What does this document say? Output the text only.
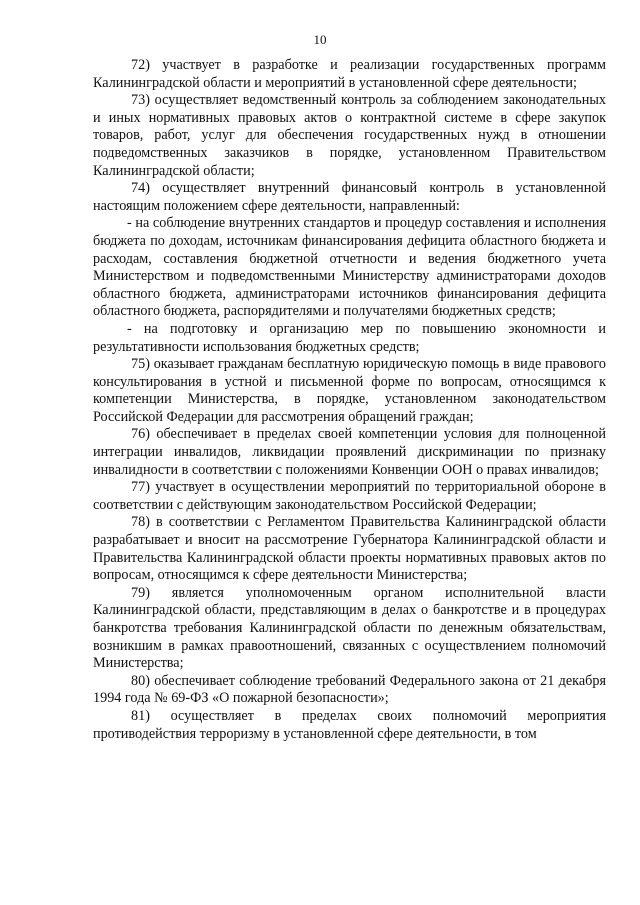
10

72) участвует в разработке и реализации государственных программ Калининградской области и мероприятий в установленной сфере деятельности;

73) осуществляет ведомственный контроль за соблюдением законодательных и иных нормативных правовых актов о контрактной системе в сфере закупок товаров, работ, услуг для обеспечения государственных нужд в отношении подведомственных заказчиков в порядке, установленном Правительством Калининградской области;

74) осуществляет внутренний финансовый контроль в установленной настоящим положением сфере деятельности, направленный:

- на соблюдение внутренних стандартов и процедур составления и исполнения бюджета по доходам, источникам финансирования дефицита областного бюджета и расходам, составления бюджетной отчетности и ведения бюджетного учета Министерством и подведомственными Министерству администраторами доходов областного бюджета, администраторами источников финансирования дефицита областного бюджета, распорядителями и получателями бюджетных средств;

- на подготовку и организацию мер по повышению экономности и результативности использования бюджетных средств;

75) оказывает гражданам бесплатную юридическую помощь в виде правового консультирования в устной и письменной форме по вопросам, относящимся к компетенции Министерства, в порядке, установленном законодательством Российской Федерации для рассмотрения обращений граждан;

76) обеспечивает в пределах своей компетенции условия для полноценной интеграции инвалидов, ликвидации проявлений дискриминации по признаку инвалидности в соответствии с положениями Конвенции ООН о правах инвалидов;

77) участвует в осуществлении мероприятий по территориальной обороне в соответствии с действующим законодательством Российской Федерации;

78) в соответствии с Регламентом Правительства Калининградской области разрабатывает и вносит на рассмотрение Губернатора Калининградской области и Правительства Калининградской области проекты нормативных правовых актов по вопросам, относящимся к сфере деятельности Министерства;

79) является уполномоченным органом исполнительной власти Калининградской области, представляющим в делах о банкротстве и в процедурах банкротства требования Калининградской области по денежным обязательствам, возникшим в рамках правоотношений, связанных с осуществлением полномочий Министерства;

80) обеспечивает соблюдение требований Федерального закона от 21 декабря 1994 года № 69-ФЗ «О пожарной безопасности»;

81) осуществляет в пределах своих полномочий мероприятия противодействия терроризму в установленной сфере деятельности, в том
